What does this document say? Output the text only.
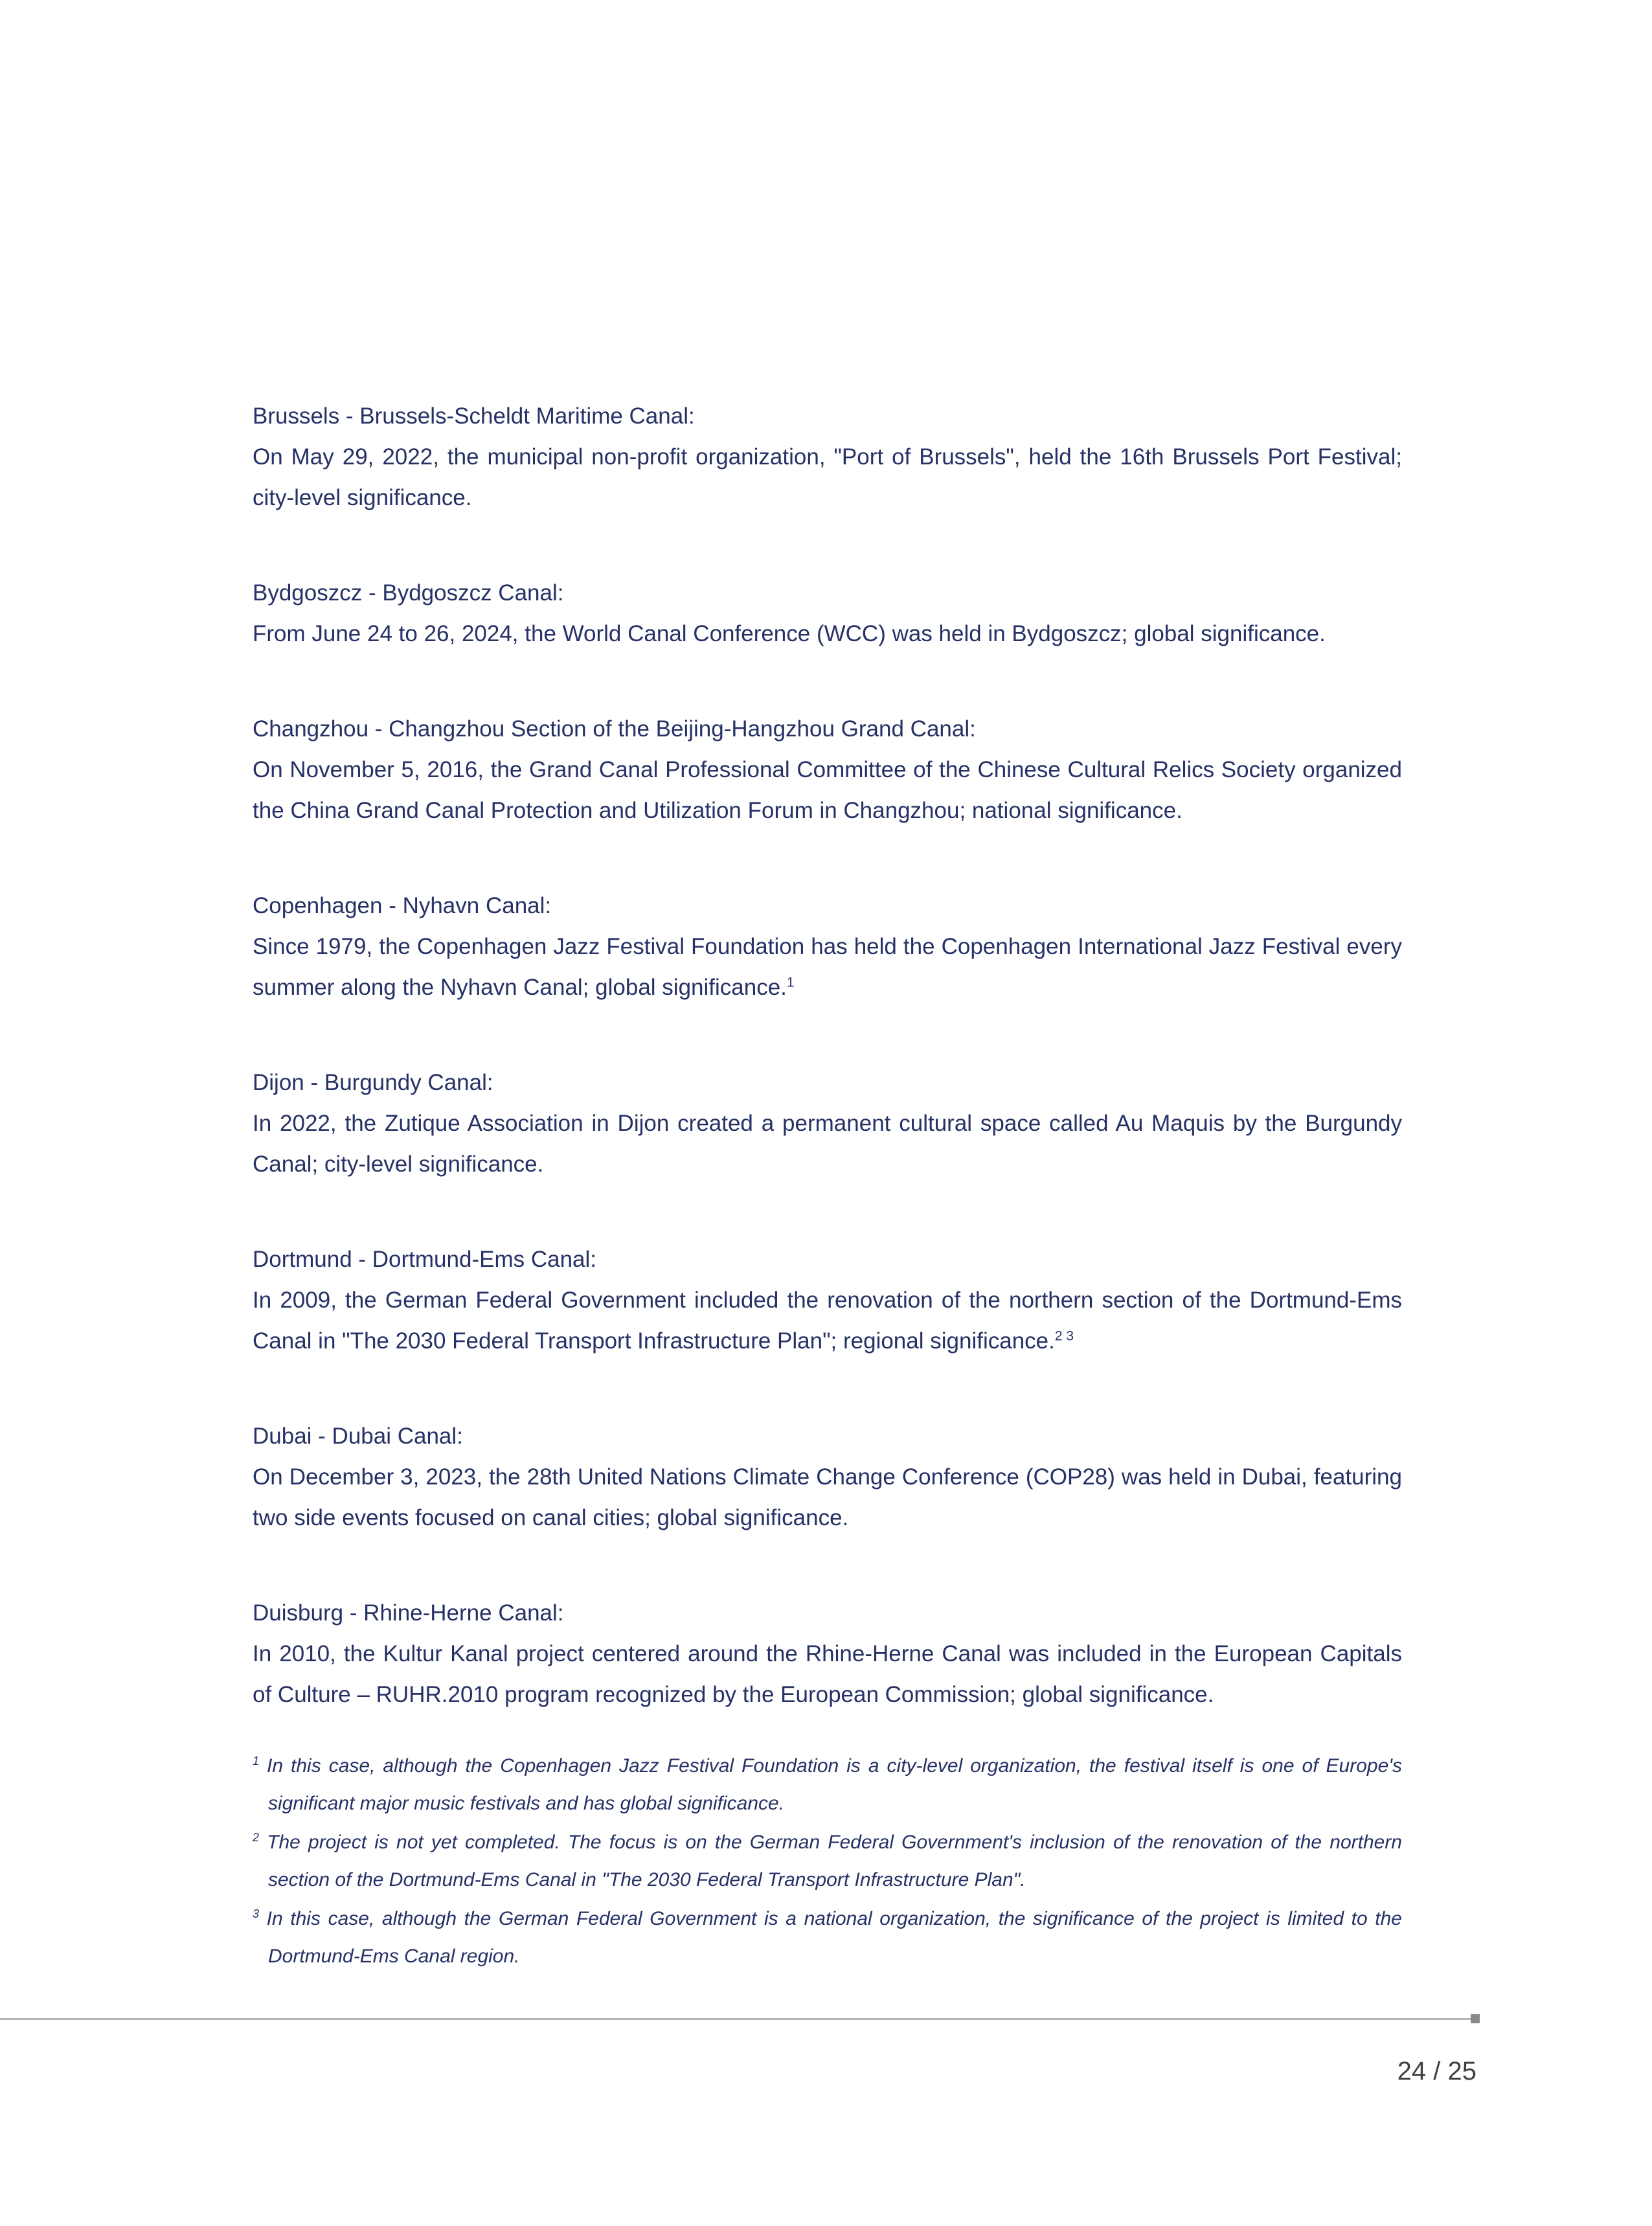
Brussels - Brussels-Scheldt Maritime Canal:

On May 29, 2022, the municipal non-profit organization, "Port of Brussels", held the 16th Brussels Port Festival; city-level significance.

Bydgoszcz - Bydgoszcz Canal:

From June 24 to 26, 2024, the World Canal Conference (WCC) was held in Bydgoszcz; global significance.

Changzhou - Changzhou Section of the Beijing-Hangzhou Grand Canal:

On November 5, 2016, the Grand Canal Professional Committee of the Chinese Cultural Relics Society organized the China Grand Canal Protection and Utilization Forum in Changzhou; national significance.

Copenhagen - Nyhavn Canal:

Since 1979, the Copenhagen Jazz Festival Foundation has held the Copenhagen International Jazz Festival every summer along the Nyhavn Canal; global significance.$^1$

Dijon - Burgundy Canal:

In 2022, the Zutique Association in Dijon created a permanent cultural space called Au Maquis by the Burgundy Canal; city-level significance.

Dortmund - Dortmund-Ems Canal:

In 2009, the German Federal Government included the renovation of the northern section of the Dortmund-Ems Canal in "The 2030 Federal Transport Infrastructure Plan"; regional significance.$^{2 3}$

Dubai - Dubai Canal:

On December 3, 2023, the 28th United Nations Climate Change Conference (COP28) was held in Dubai, featuring two side events focused on canal cities; global significance.

Duisburg - Rhine-Herne Canal:

In 2010, the Kultur Kanal project centered around the Rhine-Herne Canal was included in the European Capitals of Culture – RUHR.2010 program recognized by the European Commission; global significance.

$^1$ In this case, although the Copenhagen Jazz Festival Foundation is a city-level organization, the festival itself is one of Europe's significant major music festivals and has global significance.

$^2$ The project is not yet completed. The focus is on the German Federal Government's inclusion of the renovation of the northern section of the Dortmund-Ems Canal in "The 2030 Federal Transport Infrastructure Plan".

$^3$ In this case, although the German Federal Government is a national organization, the significance of the project is limited to the Dortmund-Ems Canal region.

24 / 25
